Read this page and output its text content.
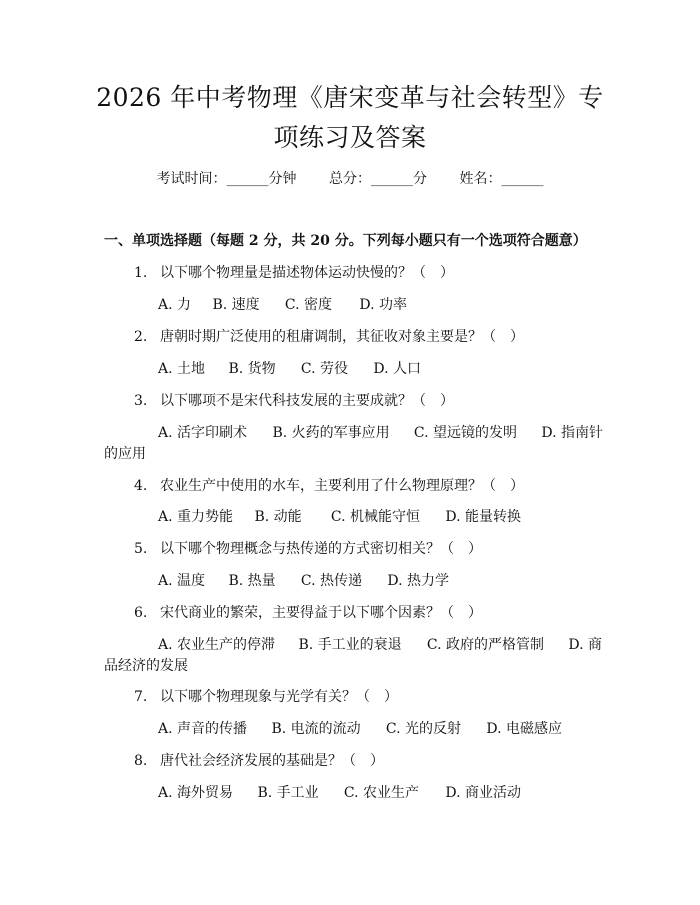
2026 年中考物理《唐宋变革与社会转型》专
项练习及答案
考试时间：______分钟 总分：______分 姓名：______
一、单项选择题（每题 2 分，共 20 分。下列每小题只有一个选项符合题意）
1. 以下哪个物理量是描述物体运动快慢的？（　）
A. 力 B. 速度 C. 密度 D. 功率
2. 唐朝时期广泛使用的租庸调制，其征收对象主要是？（　）
A. 土地 B. 货物 C. 劳役 D. 人口
3. 以下哪项不是宋代科技发展的主要成就？（　）
A. 活字印刷术 B. 火药的军事应用 C. 望远镜的发明 D. 指南针
的应用
4. 农业生产中使用的水车，主要利用了什么物理原理？（　）
A. 重力势能 B. 动能 C. 机械能守恒 D. 能量转换
5. 以下哪个物理概念与热传递的方式密切相关？（　）
A. 温度 B. 热量 C. 热传递 D. 热力学
6. 宋代商业的繁荣，主要得益于以下哪个因素？（　）
A. 农业生产的停滞 B. 手工业的衰退 C. 政府的严格管制 D. 商
品经济的发展
7. 以下哪个物理现象与光学有关？（　）
A. 声音的传播 B. 电流的流动 C. 光的反射 D. 电磁感应
8. 唐代社会经济发展的基础是？（　）
A. 海外贸易 B. 手工业 C. 农业生产 D. 商业活动
